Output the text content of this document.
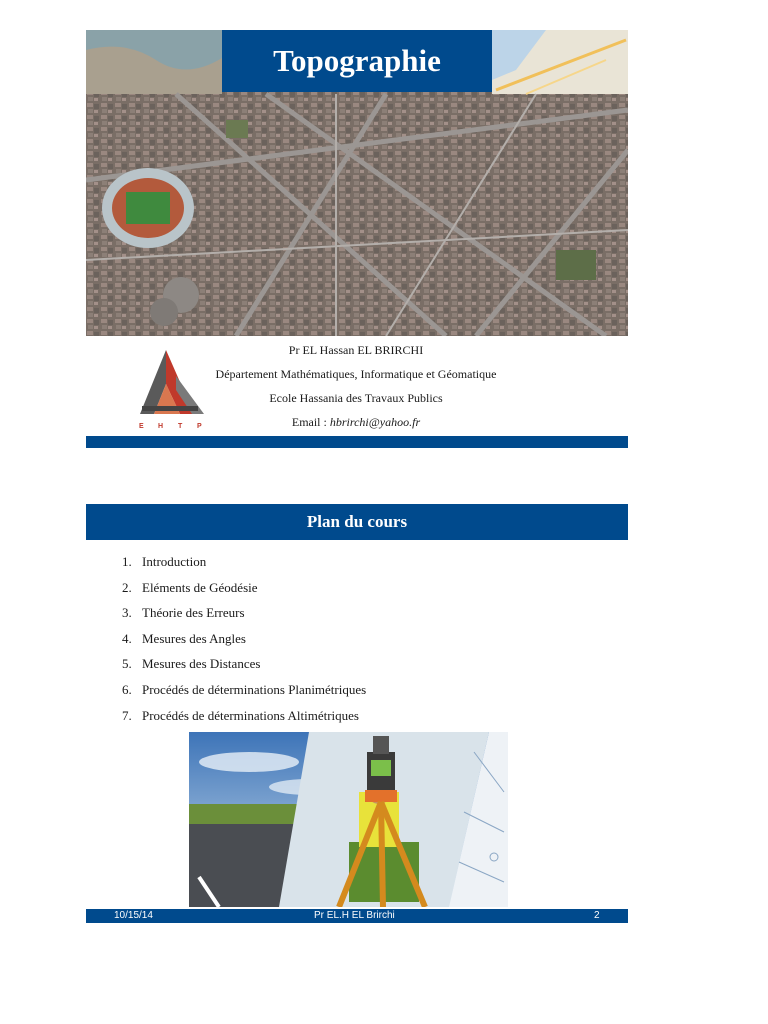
Topographie
E H T P
Pr EL Hassan EL BRIRCHI
Département Mathématiques, Informatique et Géomatique
Ecole Hassania des Travaux Publics
Email : hbrirchi@yahoo.fr
Plan du cours
1. Introduction
2. Eléments de Géodésie
3. Théorie des Erreurs
4. Mesures des Angles
5. Mesures des Distances
6. Procédés de déterminations Planimétriques
7. Procédés de déterminations Altimétriques
10/15/14	Pr EL.H EL Brirchi	2
